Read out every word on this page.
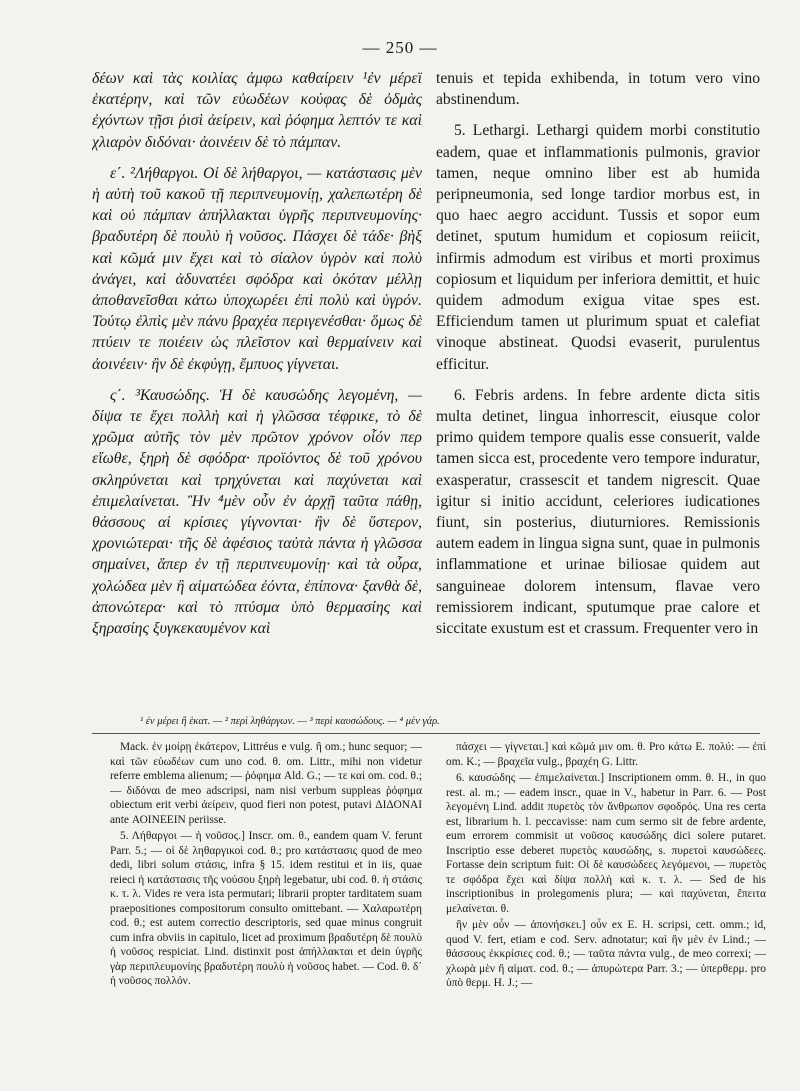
— 250 —

δέων καὶ τὰς κοιλίας ἀμφω καθαίρειν ¹ἐν μέρεϊ ἑκατέρην, καὶ τῶν εὐωδέων κούφας δὲ ὀδμὰς ἐχόντων τῇσι ῥισὶ ἀείρειν, καὶ ῥόφημα λεπτόν τε καὶ χλιαρὸν διδόναι· ἀοινέειν δὲ τὸ πάμπαν.

ε΄. ²Λήθαργοι. Οἱ δὲ λήθαργοι, — κατάστασις μὲν ἡ αὐτὴ τοῦ κακοῦ τῇ περιπνευμονίῃ, χαλεπωτέρη δὲ καὶ οὐ πάμπαν ἀπήλλακται ὑγρῆς περιπνευμονίης· βραδυτέρη δὲ πουλὺ ἡ νοῦσος. Πάσχει δὲ τάδε· βὴξ καὶ κῶμά μιν ἔχει καὶ τὸ σίαλον ὑγρὸν καὶ πολὺ ἀνάγει, καὶ ἀδυνατέει σφόδρα καὶ ὁκόταν μέλλῃ ἀποθανεῖσθαι κάτω ὑποχωρέει ἐπὶ πολὺ καὶ ὑγρόν. Τούτῳ ἐλπὶς μὲν πάνυ βραχέα περιγενέσθαι· ὅμως δὲ πτύειν τε ποιέειν ὡς πλεῖστον καὶ θερμαίνειν καὶ ἀοινέειν· ἢν δὲ ἐκφύγῃ, ἔμπυος γίγνεται.

ς΄. ³Καυσώδης. Ἡ δὲ καυσώδης λεγομένη, — δίψα τε ἔχει πολλὴ καὶ ἡ γλῶσσα τέφρικε, τὸ δὲ χρῶμα αὐτῆς τὸν μὲν πρῶτον χρόνον οἷόν περ εἴωθε, ξηρὴ δὲ σφόδρα· προϊόντος δὲ τοῦ χρόνου σκληρύνεται καὶ τρηχύνεται καὶ παχύνεται καὶ ἐπιμελαίνεται. Ἢν ⁴μὲν οὖν ἐν ἀρχῇ ταῦτα πάθῃ, θάσσους αἱ κρίσιες γίγνονται· ἢν δὲ ὕστερον, χρονιώτεραι· τῆς δὲ ἀφέσιος ταὐτὰ πάντα ἡ γλῶσσα σημαίνει, ἅπερ ἐν τῇ περιπνευμονίῃ· καὶ τὰ οὖρα, χολώδεα μὲν ἢ αἱματώδεα ἐόντα, ἐπίπονα· ξανθὰ δὲ, ἀπονώτερα· καὶ τὸ πτύσμα ὑπὸ θερμασίης καὶ ξηρασίης ξυγκεκαυμένον καὶ

tenuis et tepida exhibenda, in totum vero vino abstinendum.

5. Lethargi. Lethargi quidem morbi constitutio eadem, quae et inflammationis pulmonis, gravior tamen, neque omnino liber est ab humida peripneumonia, sed longe tardior morbus est, in quo haec aegro accidunt. Tussis et sopor eum detinet, sputum humidum et copiosum reiicit, infirmis admodum est viribus et morti proximus copiosum et liquidum per inferiora demittit, et huic quidem admodum exigua vitae spes est. Efficiendum tamen ut plurimum spuat et calefiat vinoque abstineat. Quodsi evaserit, purulentus efficitur.

6. Febris ardens. In febre ardente dicta sitis multa detinet, lingua inhorrescit, eiusque color primo quidem tempore qualis esse consuerit, valde tamen sicca est, procedente vero tempore induratur, exasperatur, crassescit et tandem nigrescit. Quae igitur si initio accidunt, celeriores iudicationes fiunt, sin posterius, diuturniores. Remissionis autem eadem in lingua signa sunt, quae in pulmonis inflammatione et urinae biliosae quidem aut sanguineae dolorem intensum, flavae vero remissiorem indicant, sputumque prae calore et siccitate exustum est et crassum. Frequenter vero in

¹ ἐν μέρει ἢ ἑκατ. — ² περὶ ληθάργων. — ³ περὶ καυσώδους. — ⁴ μὲν γάρ.

Mack. ἐν μοίρῃ ἑκάτερον, Littréus e vulg. ἢ om.; hunc sequor; — καὶ τῶν εὐωδέων cum uno cod. θ. om. Littr., mihi non videtur referre emblema alienum; — ῥόφημα Ald. G.; — τε καὶ om. cod. θ.; — διδόναι de meo adscripsi, nam nisi verbum suppleas ῥόφημα obiectum erit verbi ἀείρειν, quod fieri non potest, putavi ΔΙΔΟΝΑΙ ante ΑΟΙΝΕΕΙΝ periisse.

5. Λήθαργοι — ἡ νοῦσος.] Inscr. om. θ., eandem quam V. ferunt Parr. 5.; — οἱ δὲ ληθαργικοὶ cod. θ.; pro κατάστασις quod de meo dedi, libri solum στάσις, infra § 15. idem restitui et in iis, quae reieci ἡ κατάστασις τῆς νούσου ξηρὴ legebatur, ubi cod. θ. ἡ στάσις κ. τ. λ. Vides re vera ista permutari; librarii propter tarditatem suam praepositiones compositorum consulto omittebant. — Χαλαρωτέρη cod. θ.; est autem correctio descriptoris, sed quae minus congruit cum infra obviis in capitulo, licet ad proximum βραδυτέρη δὲ πουλὺ ἡ νοῦσος respiciat. Lind. distinxit post ἀπήλλακται et dein ὑγρῆς γὰρ περιπλευμονίης βραδυτέρη πουλὺ ἡ νοῦσος habet. — Cod. θ. δ᾽ ἡ νοῦσος πολλόν.

πάσχει — γίγνεται.] καὶ κῶμά μιν om. θ. Pro κάτω E. πολύ: — ἐπὶ om. K.; — βραχεῖα vulg., βραχέη G. Littr.

6. καυσώδης — ἐπιμελαίνεται.] Inscriptionem omm. θ. H., in quo rest. al. m.; — eadem inscr., quae in V., habetur in Parr. 6. — Post λεγομένη Lind. addit πυρετὸς τὸν ἄνθρωπον σφοδρός. Una res certa est, librarium h. l. peccavisse: nam cum sermo sit de febre ardente, eum errorem commisit ut νοῦσος καυσώδης dici solere putaret. Inscriptio esse deberet πυρετὸς καυσώδης, s. πυρετοὶ καυσώδεες. Fortasse dein scriptum fuit: Οἱ δὲ καυσώδεες λεγόμενοι, — πυρετὸς τε σφόδρα ἔχει καὶ δίψα πολλὴ καὶ κ. τ. λ. — Sed de his inscriptionibus in prolegomenis plura; — καὶ παχύνεται, ἔπειτα μελαίνεται. θ.

ἢν μὲν οὖν — ἀπονήσκει.] οὖν ex E. H. scripsi, cett. omm.; id, quod V. fert, etiam e cod. Serv. adnotatur; καὶ ἢν μὲν ἐν Lind.; — θάσσους ἐκκρίσιες cod. θ.; — ταῦτα πάντα vulg., de meo correxi; — χλωρὰ μὲν ἢ αἱματ. cod. θ.; — ἀπυρώτερα Parr. 3.; — ὑπερθερμ. pro ὑπὸ θερμ. H. J.; —
